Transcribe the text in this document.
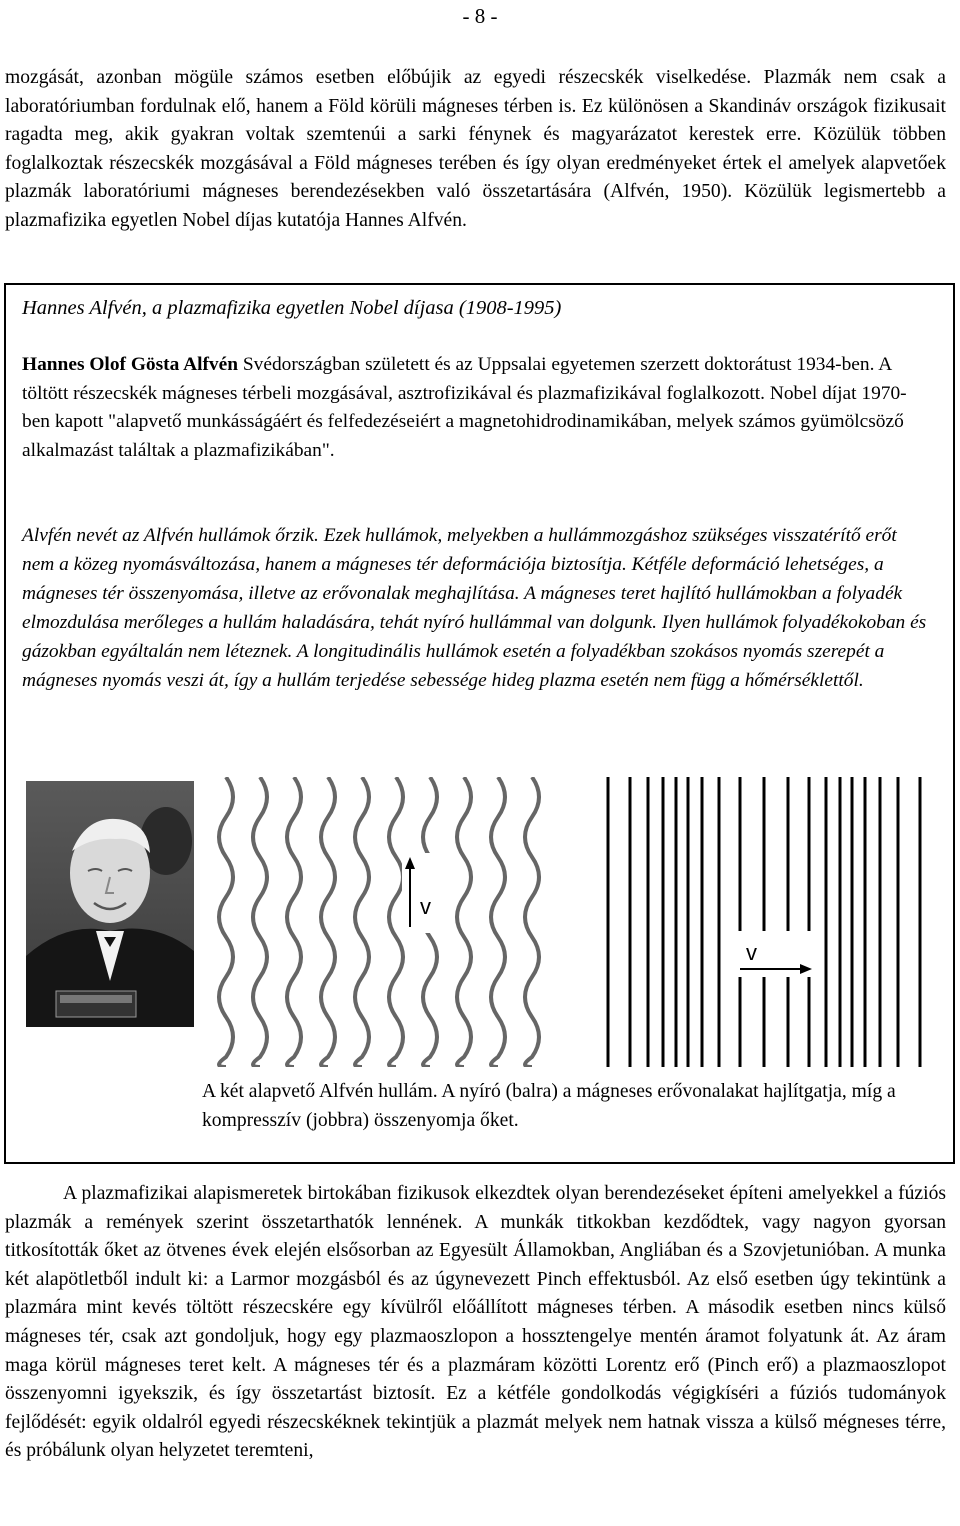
- 8 -

mozgását, azonban mögüle számos esetben előbújik az egyedi részecskék viselkedése. Plazmák nem csak a laboratóriumban fordulnak elő, hanem a Föld körüli mágneses térben is. Ez különösen a Skandináv országok fizikusait ragadta meg, akik gyakran voltak szemtenúi a sarki fénynek és magyarázatot kerestek erre. Közülük többen foglalkoztak részecskék mozgásával a Föld mágneses terében és így olyan eredményeket értek el amelyek alapvetőek plazmák laboratóriumi mágneses berendezésekben való összetartására (Alfvén, 1950). Közülük legismertebb a plazmafizika egyetlen Nobel díjas kutatója Hannes Alfvén.

Hannes Alfvén, a plazmafizika egyetlen Nobel díjasa (1908-1995)

Hannes Olof Gösta Alfvén Svédországban született és az Uppsalai egyetemen szerzett doktorátust 1934-ben. A töltött részecskék mágneses térbeli mozgásával, asztrofizikával és plazmafizikával foglalkozott. Nobel díjat 1970-ben kapott "alapvető munkásságáért és felfedezéseiért a magnetohidrodinamikában, melyek számos gyümölcsöző alkalmazást találtak a plazmafizikában".

Alvfén nevét az Alfvén hullámok őrzik. Ezek hullámok, melyekben a hullámmozgáshoz szükséges visszatérítő erőt nem a közeg nyomásváltozása, hanem a mágneses tér deformációja biztosítja. Kétféle deformáció lehetséges, a mágneses tér összenyomása, illetve az erővonalak meghajlítása. A mágneses teret hajlító hullámokban a folyadék elmozdulása merőleges a hullám haladására, tehát nyíró hullámmal van dolgunk. Ilyen hullámok folyadékokoban és gázokban egyáltalán nem léteznek. A longitudinális hullámok esetén a folyadékban szokásos nyomás szerepét a mágneses nyomás veszi át, így a hullám terjedése sebessége hideg plazma esetén nem függ a hőmérséklettől.

v
v

A két alapvető Alfvén hullám. A nyíró (balra) a mágneses erővonalakat hajlítgatja, míg a kompresszív (jobbra) összenyomja őket.

A plazmafizikai alapismeretek birtokában fizikusok elkezdtek olyan berendezéseket építeni amelyekkel a fúziós plazmák a remények szerint összetarthatók lennének. A munkák titkokban kezdődtek, vagy nagyon gyorsan titkosították őket az ötvenes évek elején elsősorban az Egyesült Államokban, Angliában és a Szovjetunióban. A munka két alapötletből indult ki: a Larmor mozgásból és az úgynevezett Pinch effektusból. Az első esetben úgy tekintünk a plazmára mint kevés töltött részecskére egy kívülről előállított mágneses térben. A második esetben nincs külső mágneses tér, csak azt gondoljuk, hogy egy plazmaoszlopon a hossztengelye mentén áramot folyatunk át. Az áram maga körül mágneses teret kelt. A mágneses tér és a plazmáram közötti Lorentz erő (Pinch erő) a plazmaoszlopot összenyomni igyekszik, és így összetartást biztosít. Ez a kétféle gondolkodás végigkíséri a fúziós tudományok fejlődését: egyik oldalról egyedi részecskéknek tekintjük a plazmát melyek nem hatnak vissza a külső mégneses térre, és próbálunk olyan helyzetet teremteni,
